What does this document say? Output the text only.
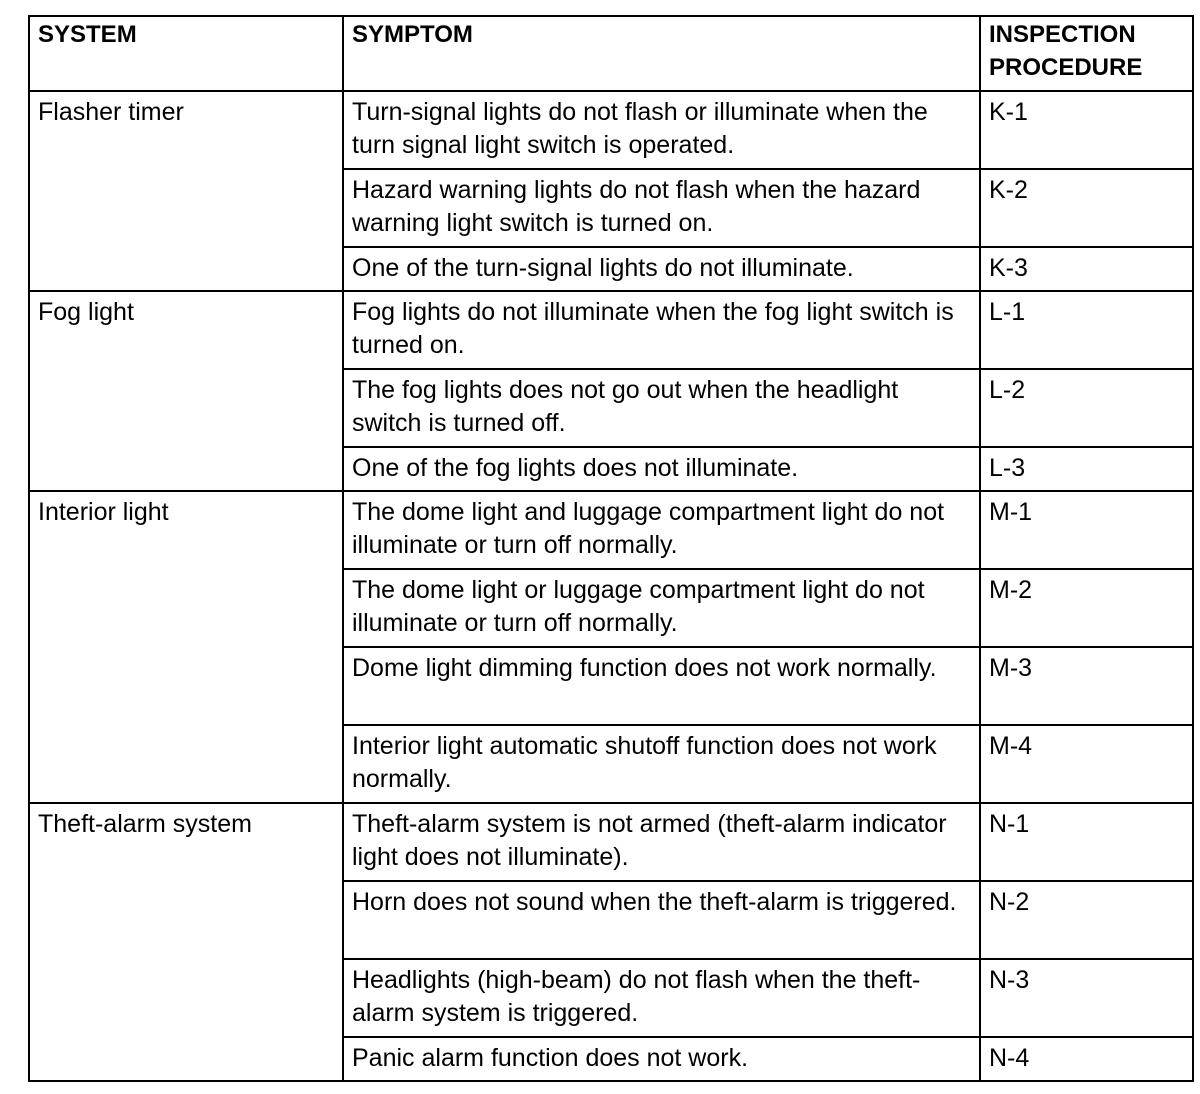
SYSTEM	SYMPTOM	INSPECTION PROCEDURE
Flasher timer	Turn-signal lights do not flash or illuminate when the turn signal light switch is operated.	K-1
	Hazard warning lights do not flash when the hazard warning light switch is turned on.	K-2
	One of the turn-signal lights do not illuminate.	K-3
Fog light	Fog lights do not illuminate when the fog light switch is turned on.	L-1
	The fog lights does not go out when the headlight switch is turned off.	L-2
	One of the fog lights does not illuminate.	L-3
Interior light	The dome light and luggage compartment light do not illuminate or turn off normally.	M-1
	The dome light or luggage compartment light do not illuminate or turn off normally.	M-2
	Dome light dimming function does not work normally.	M-3
	Interior light automatic shutoff function does not work normally.	M-4
Theft-alarm system	Theft-alarm system is not armed (theft-alarm indicator light does not illuminate).	N-1
	Horn does not sound when the theft-alarm is triggered.	N-2
	Headlights (high-beam) do not flash when the theft-alarm system is triggered.	N-3
	Panic alarm function does not work.	N-4
